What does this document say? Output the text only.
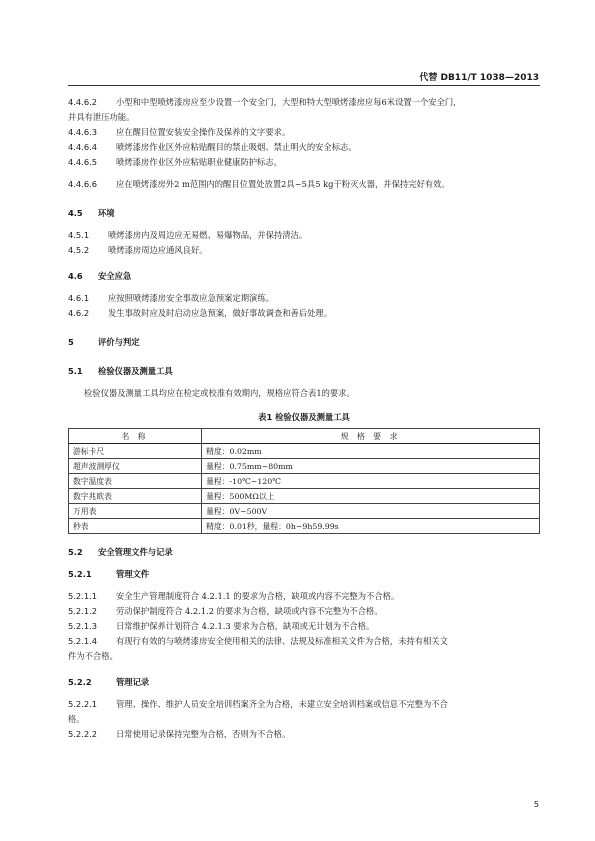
代替 DB11/T 1038—2013

4.4.6.2 小型和中型喷烤漆房应至少设置一个安全门，大型和特大型喷烤漆房应每6米设置一个安全门，

并具有泄压功能。

4.4.6.3 应在醒目位置安装安全操作及保养的文字要求。

4.4.6.4 喷烤漆房作业区外应粘贴醒目的禁止吸烟、禁止明火的安全标志。

4.4.6.5 喷烤漆房作业区外应粘贴职业健康防护标志。

4.4.6.6 应在喷烤漆房外2 m范围内的醒目位置处放置2具~5具5 kg干粉灭火器，并保持完好有效。

4.5 环境

4.5.1 喷烤漆房内及周边应无易燃、易爆物品，并保持清洁。

4.5.2 喷烤漆房周边应通风良好。

4.6 安全应急

4.6.1 应按照喷烤漆房安全事故应急预案定期演练。

4.6.2 发生事故时应及时启动应急预案，做好事故调查和善后处理。

5	评价与判定

5.1 检验仪器及测量工具

检验仪器及测量工具均应在检定或校准有效期内，规格应符合表1的要求。

表1 检验仪器及测量工具

名 称	规 格 要 求
游标卡尺	精度：0.02mm
超声波测厚仪	量程：0.75mm~80mm
数字温度表	量程：-10℃~120℃
数字兆欧表	量程：500MΩ以上
万用表	量程：0V~500V
秒表	精度：0.01秒，量程：0h~9h59.99s

5.2 安全管理文件与记录

5.2.1	管理文件

5.2.1.1 安全生产管理制度符合 4.2.1.1 的要求为合格，缺项或内容不完整为不合格。

5.2.1.2 劳动保护制度符合 4.2.1.2 的要求为合格，缺项或内容不完整为不合格。

5.2.1.3 日常维护保养计划符合 4.2.1.3 要求为合格，缺项或无计划为不合格。

5.2.1.4 有现行有效的与喷烤漆房安全使用相关的法律、法规及标准相关文件为合格，未持有相关文

件为不合格。

5.2.2	管理记录

5.2.2.1 管理、操作、维护人员安全培训档案齐全为合格，未建立安全培训档案或信息不完整为不合

格。

5.2.2.2 日常使用记录保持完整为合格，否则为不合格。

5
